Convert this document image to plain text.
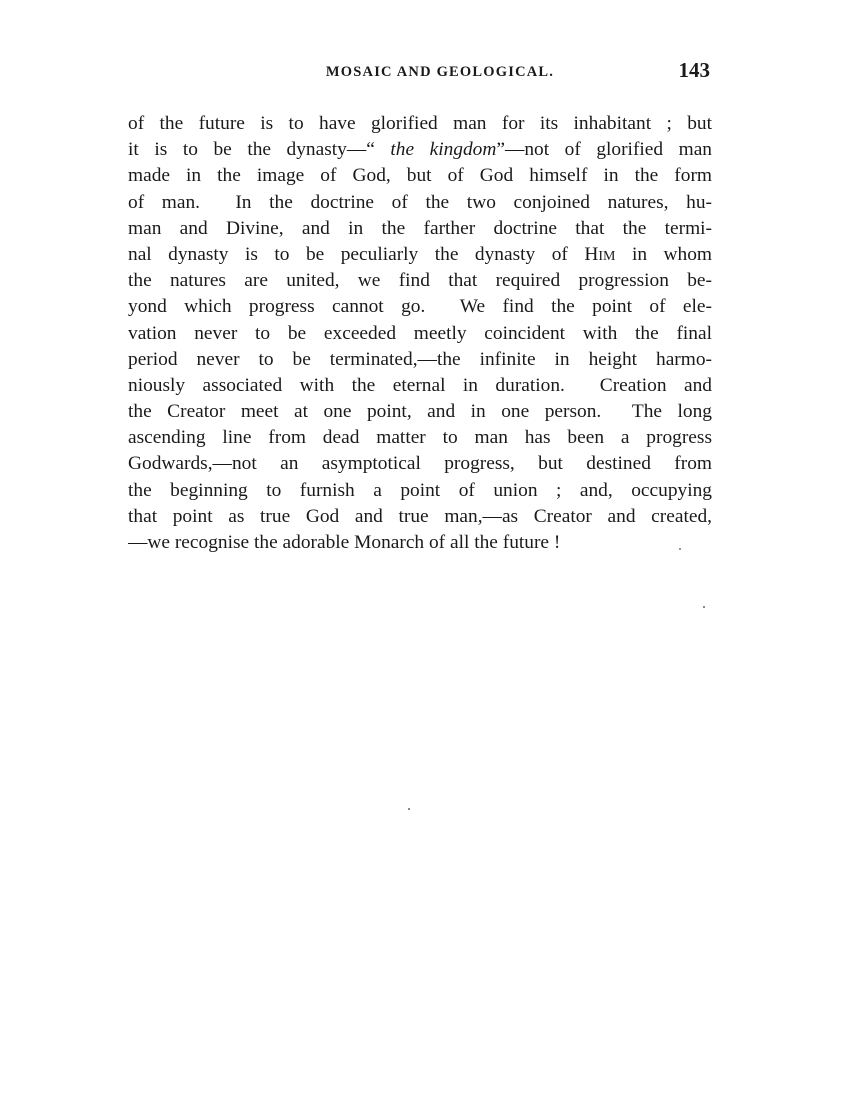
MOSAIC AND GEOLOGICAL.	143
of the future is to have glorified man for its inhabitant ; but
it is to be the dynasty—“ the kingdom”—not of glorified man
made in the image of God, but of God himself in the form
of man.  In the doctrine of the two conjoined natures, hu-
man and Divine, and in the farther doctrine that the termi-
nal dynasty is to be peculiarly the dynasty of Him in whom
the natures are united, we find that required progression be-
yond which progress cannot go.  We find the point of ele-
vation never to be exceeded meetly coincident with the final
period never to be terminated,—the infinite in height harmo-
niously associated with the eternal in duration.  Creation and
the Creator meet at one point, and in one person.  The long
ascending line from dead matter to man has been a progress
Godwards,—not an asymptotical progress, but destined from
the beginning to furnish a point of union ; and, occupying
that point as true God and true man,—as Creator and created,
—we recognise the adorable Monarch of all the future !
